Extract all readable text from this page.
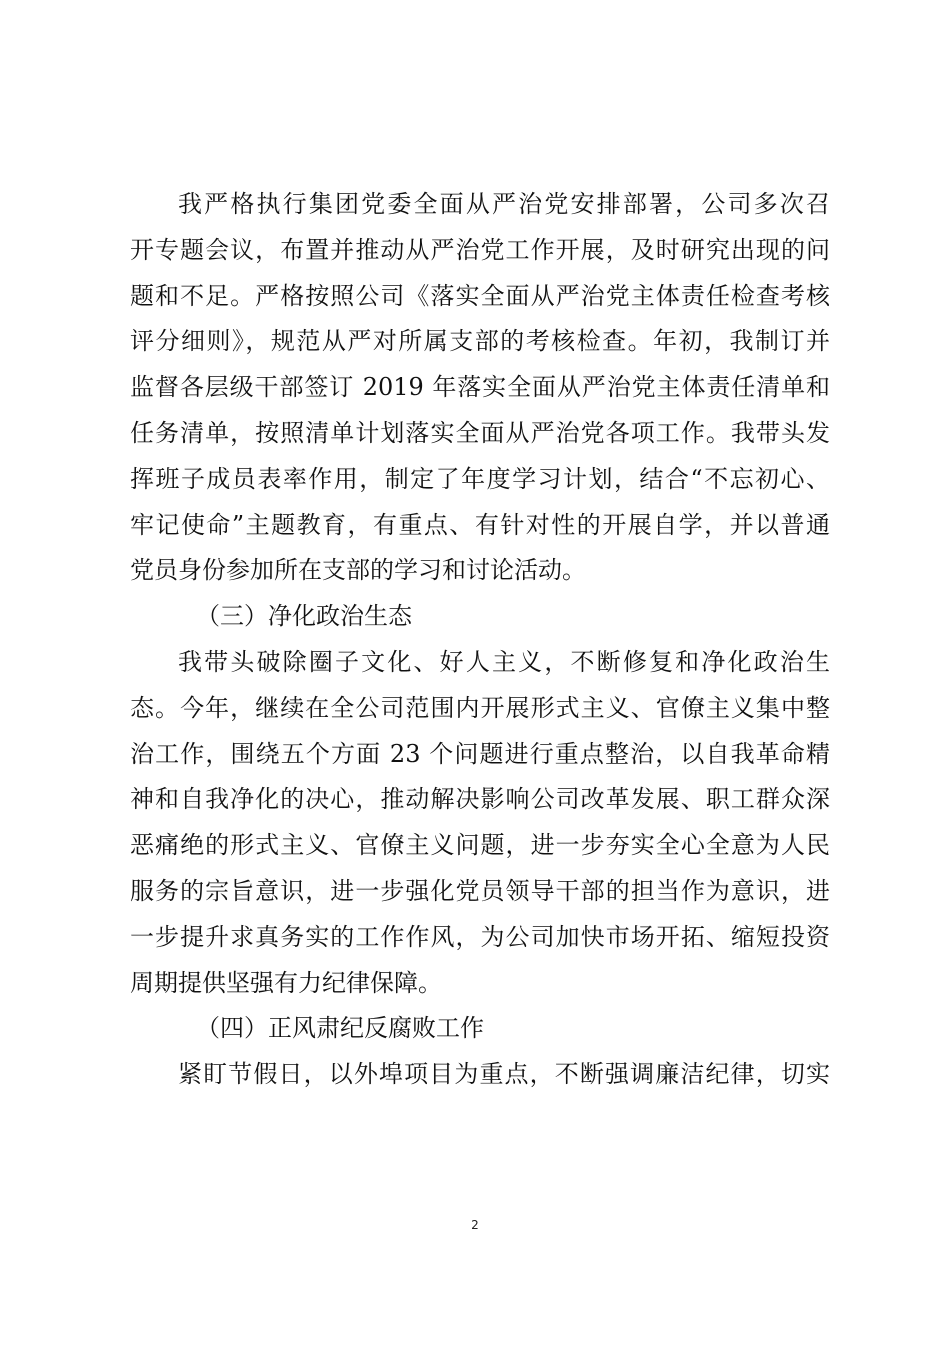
我严格执行集团党委全面从严治党安排部署，公司多次召
开专题会议，布置并推动从严治党工作开展，及时研究出现的问
题和不足。严格按照公司《落实全面从严治党主体责任检查考核
评分细则》，规范从严对所属支部的考核检查。年初，我制订并
监督各层级干部签订 2019 年落实全面从严治党主体责任清单和
任务清单，按照清单计划落实全面从严治党各项工作。我带头发
挥班子成员表率作用，制定了年度学习计划，结合“不忘初心、
牢记使命”主题教育，有重点、有针对性的开展自学，并以普通
党员身份参加所在支部的学习和讨论活动。
（三）净化政治生态
我带头破除圈子文化、好人主义，不断修复和净化政治生
态。今年，继续在全公司范围内开展形式主义、官僚主义集中整
治工作，围绕五个方面 23 个问题进行重点整治，以自我革命精
神和自我净化的决心，推动解决影响公司改革发展、职工群众深
恶痛绝的形式主义、官僚主义问题，进一步夯实全心全意为人民
服务的宗旨意识，进一步强化党员领导干部的担当作为意识，进
一步提升求真务实的工作作风，为公司加快市场开拓、缩短投资
周期提供坚强有力纪律保障。
（四）正风肃纪反腐败工作
紧盯节假日，以外埠项目为重点，不断强调廉洁纪律，切实
2
